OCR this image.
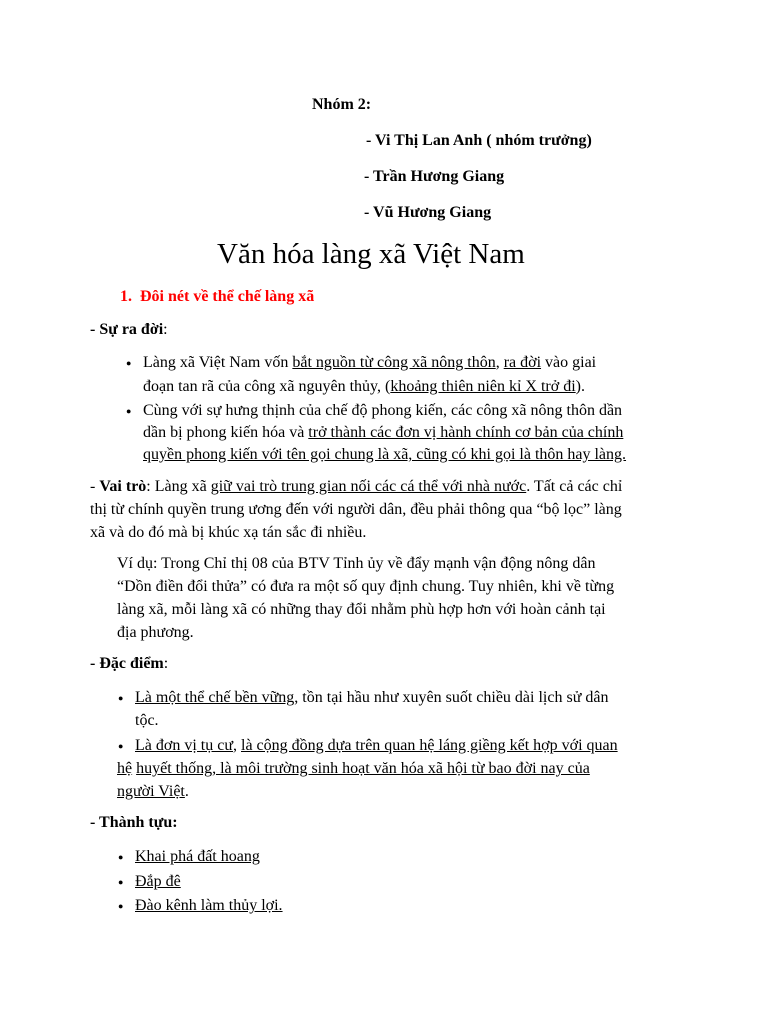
Nhóm 2:
- Vi Thị Lan Anh ( nhóm trưởng)
- Trần Hương Giang
- Vũ Hương Giang
Văn hóa làng xã Việt Nam
1. Đôi nét về thể chế làng xã
- Sự ra đời:
● Làng xã Việt Nam vốn bắt nguồn từ công xã nông thôn, ra đời vào giai
đoạn tan rã của công xã nguyên thủy, (khoảng thiên niên kỉ X trở đi).
● Cùng với sự hưng thịnh của chế độ phong kiến, các công xã nông thôn dần
dần bị phong kiến hóa và trở thành các đơn vị hành chính cơ bản của chính
quyền phong kiến với tên gọi chung là xã, cũng có khi gọi là thôn hay làng.
- Vai trò: Làng xã giữ vai trò trung gian nối các cá thể với nhà nước. Tất cả các chỉ
thị từ chính quyền trung ương đến với người dân, đều phải thông qua “bộ lọc” làng
xã và do đó mà bị khúc xạ tán sắc đi nhiều.
Ví dụ: Trong Chỉ thị 08 của BTV Tỉnh ủy về đẩy mạnh vận động nông dân
“Dồn điền đổi thửa” có đưa ra một số quy định chung. Tuy nhiên, khi về từng
làng xã, mỗi làng xã có những thay đổi nhằm phù hợp hơn với hoàn cảnh tại
địa phương.
- Đặc điểm:
● Là một thể chế bền vững, tồn tại hầu như xuyên suốt chiều dài lịch sử dân
tộc.
● Là đơn vị tụ cư, là cộng đồng dựa trên quan hệ láng giềng kết hợp với quan
hệ huyết thống, là môi trường sinh hoạt văn hóa xã hội từ bao đời nay của
người Việt.
- Thành tựu:
● Khai phá đất hoang
● Đắp đê
● Đào kênh làm thủy lợi.
